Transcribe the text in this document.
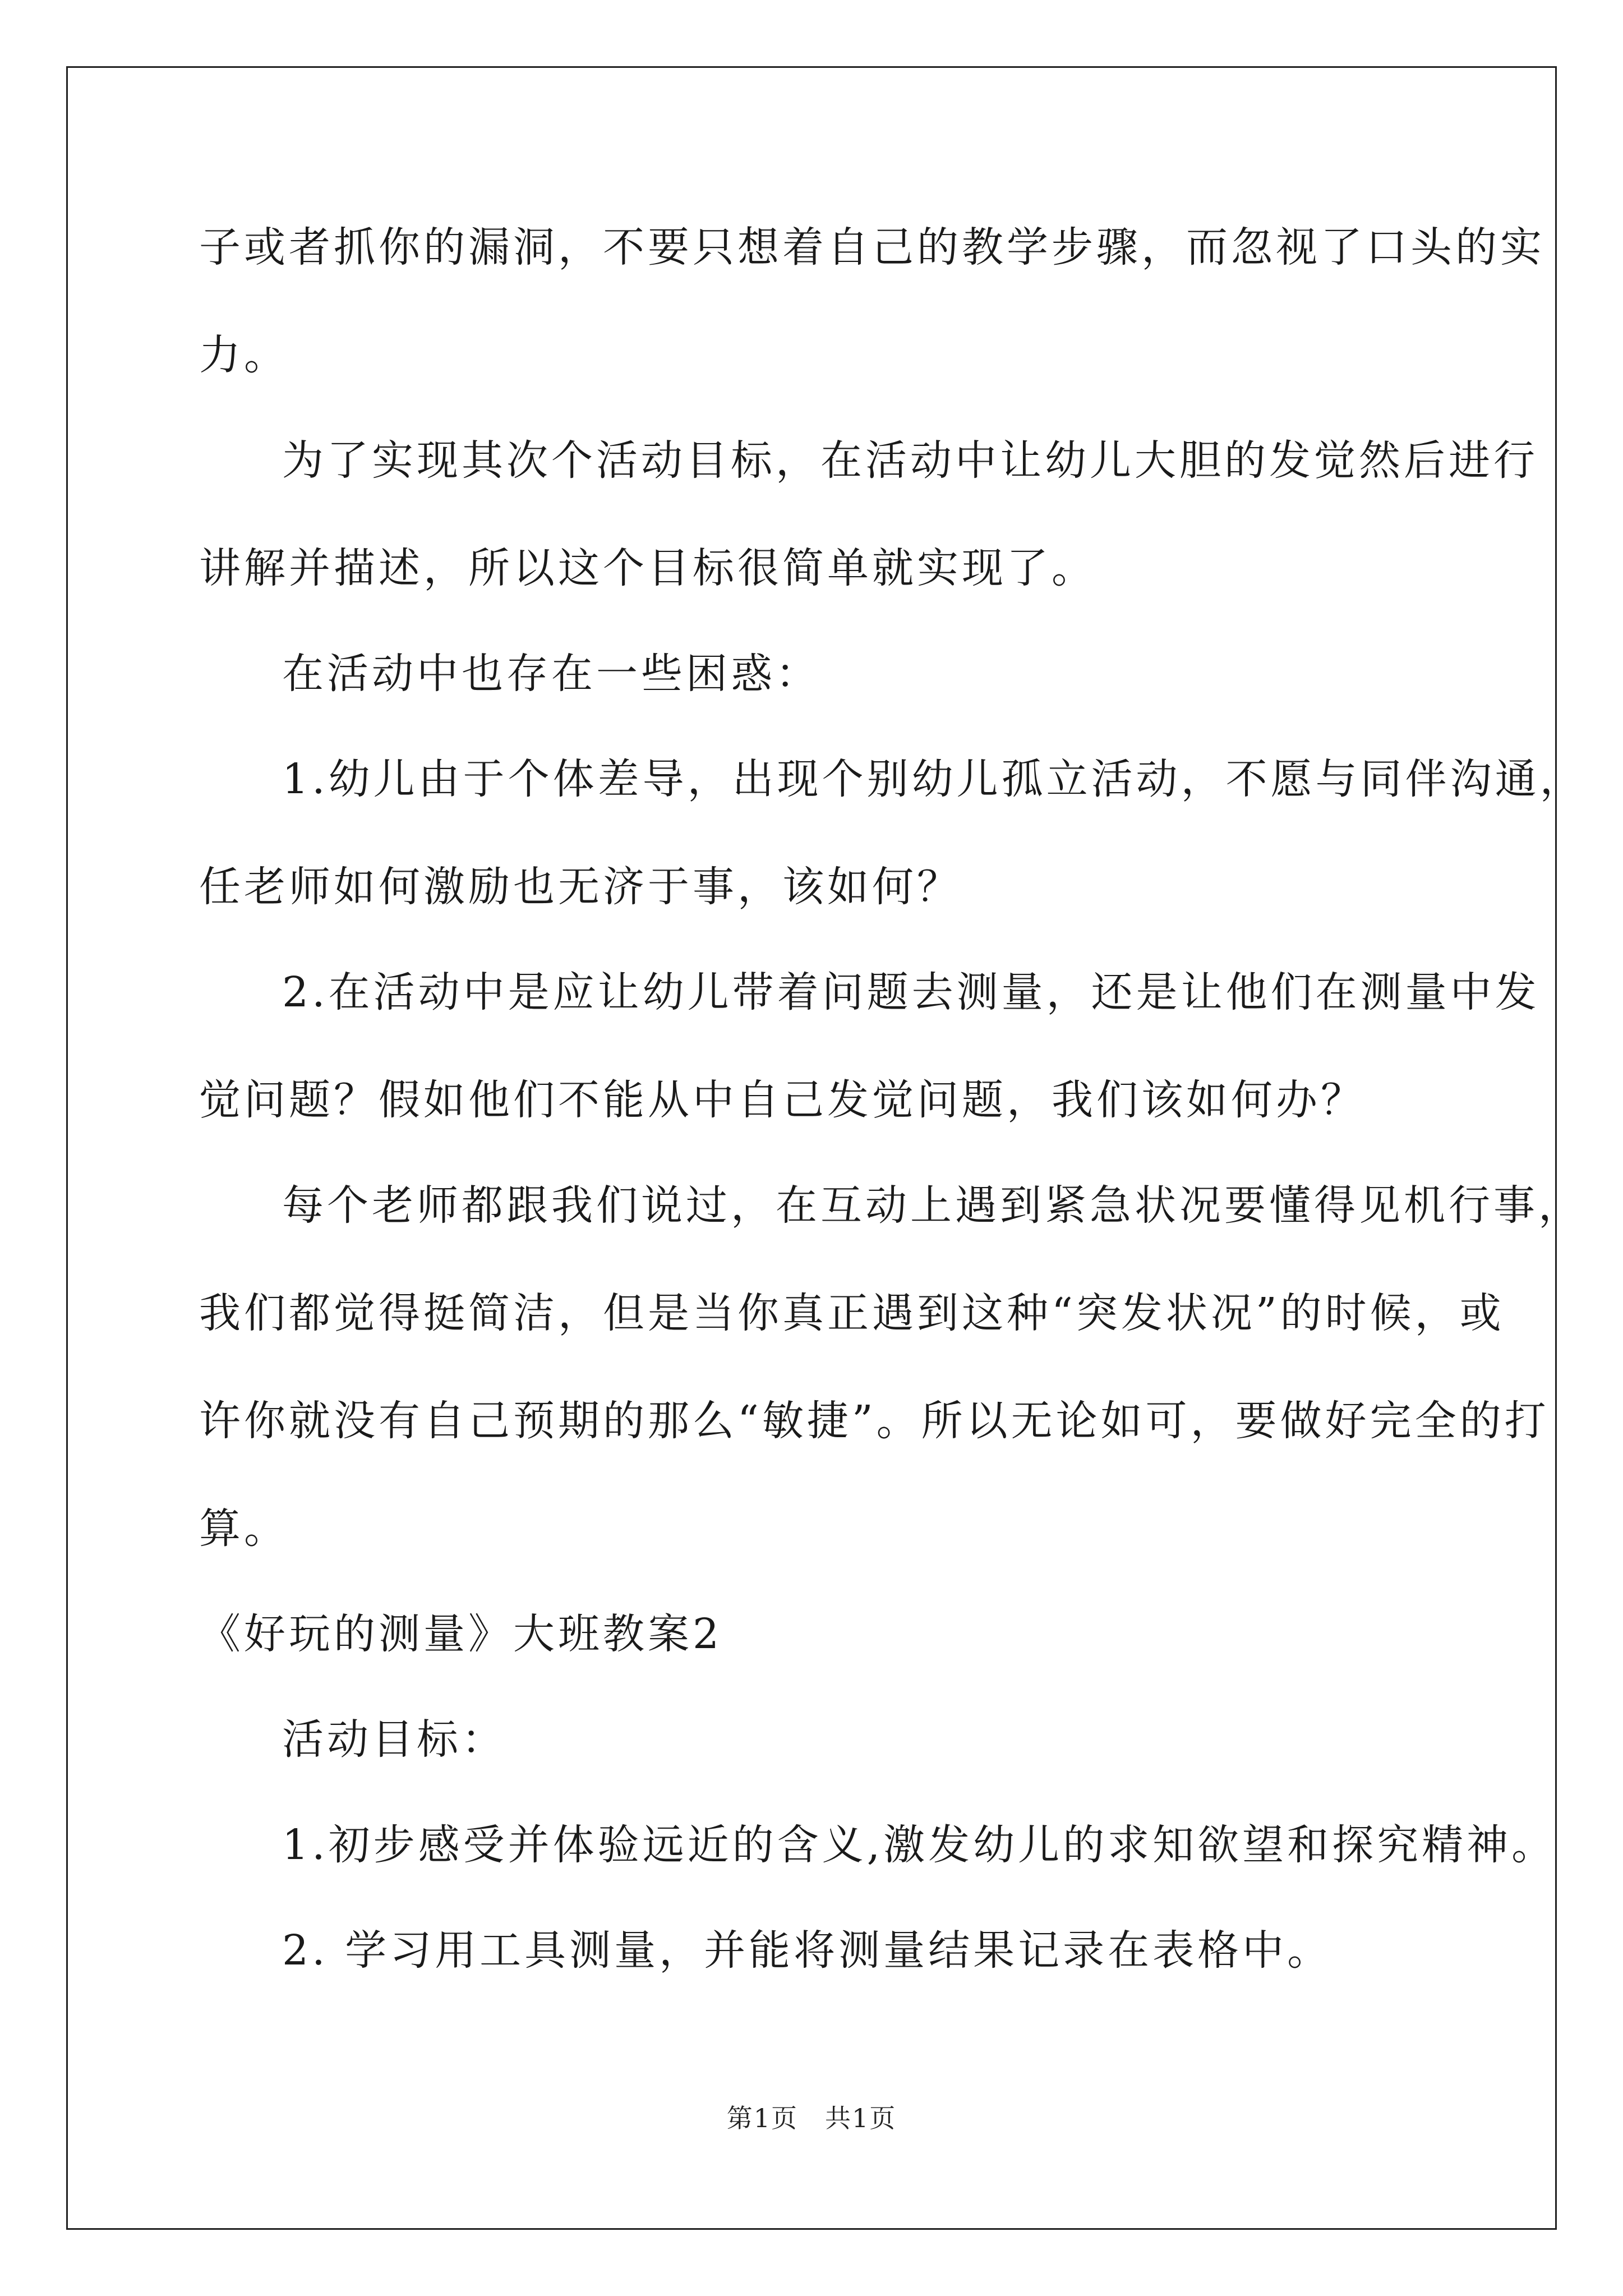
子或者抓你的漏洞，不要只想着自己的教学步骤，而忽视了口头的实

力。

为了实现其次个活动目标，在活动中让幼儿大胆的发觉然后进行

讲解并描述，所以这个目标很简单就实现了。

在活动中也存在一些困惑：

1.幼儿由于个体差导，出现个别幼儿孤立活动，不愿与同伴沟通，

任老师如何激励也无济于事，该如何？

2.在活动中是应让幼儿带着问题去测量，还是让他们在测量中发

觉问题？假如他们不能从中自己发觉问题，我们该如何办？

每个老师都跟我们说过，在互动上遇到紧急状况要懂得见机行事，

我们都觉得挺简洁，但是当你真正遇到这种“突发状况”的时候，或

许你就没有自己预期的那么“敏捷”。所以无论如可，要做好完全的打

算。

《好玩的测量》大班教案2

活动目标：

1.初步感受并体验远近的含义,激发幼儿的求知欲望和探究精神。

2. 学习用工具测量，并能将测量结果记录在表格中。

第1页　共1页
